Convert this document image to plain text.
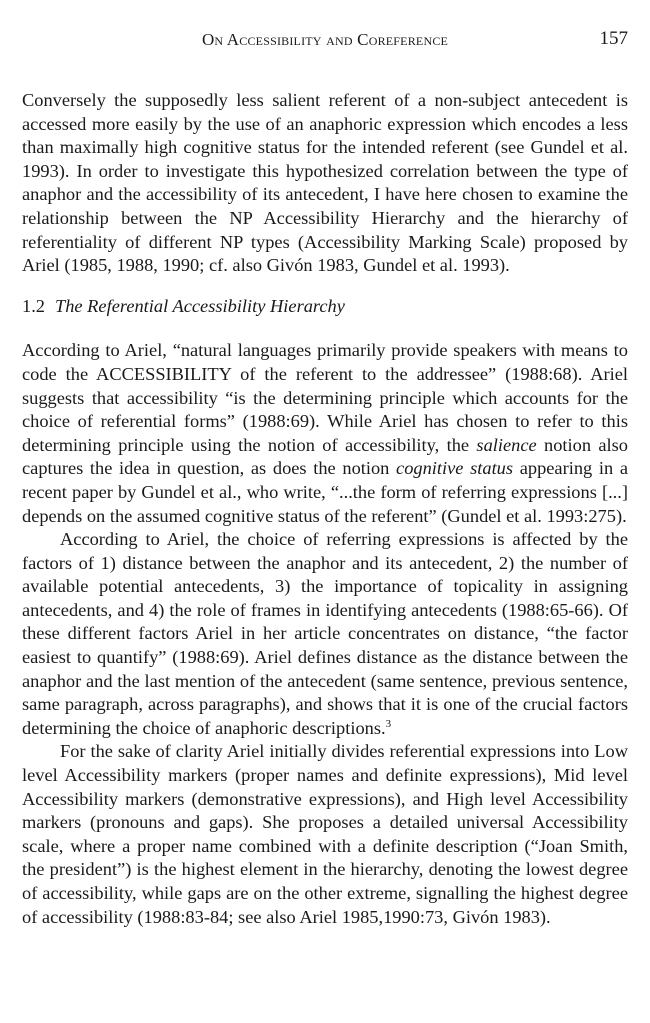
On Accessibility and Coreference	157

Conversely the supposedly less salient referent of a non-subject antecedent is accessed more easily by the use of an anaphoric expression which encodes a less than maximally high cognitive status for the intended referent (see Gundel et al. 1993). In order to investigate this hypothesized correlation between the type of anaphor and the accessibility of its antecedent, I have here chosen to examine the relationship between the NP Accessibility Hierarchy and the hierarchy of referentiality of different NP types (Accessibility Marking Scale) proposed by Ariel (1985, 1988, 1990; cf. also Givón 1983, Gundel et al. 1993).

1.2 The Referential Accessibility Hierarchy

According to Ariel, “natural languages primarily provide speakers with means to code the ACCESSIBILITY of the referent to the addressee” (1988:68). Ariel suggests that accessibility “is the determining principle which accounts for the choice of referential forms” (1988:69). While Ariel has chosen to refer to this determining principle using the notion of accessibility, the salience notion also captures the idea in question, as does the notion cognitive status appearing in a recent paper by Gundel et al., who write, “...the form of referring expressions [...] depends on the assumed cognitive status of the referent” (Gundel et al. 1993:275).

According to Ariel, the choice of referring expressions is affected by the factors of 1) distance between the anaphor and its antecedent, 2) the number of available potential antecedents, 3) the importance of topicality in assigning antecedents, and 4) the role of frames in identifying antecedents (1988:65-66). Of these different factors Ariel in her article concentrates on distance, “the factor easiest to quantify” (1988:69). Ariel defines distance as the distance between the anaphor and the last mention of the antecedent (same sentence, previous sentence, same paragraph, across paragraphs), and shows that it is one of the crucial factors determining the choice of anaphoric descriptions.$^3$

For the sake of clarity Ariel initially divides referential expressions into Low level Accessibility markers (proper names and definite expressions), Mid level Accessibility markers (demonstrative expressions), and High level Accessibility markers (pronouns and gaps). She proposes a detailed universal Accessibility scale, where a proper name combined with a definite description (“Joan Smith, the president”) is the highest element in the hierarchy, denoting the lowest degree of accessibility, while gaps are on the other extreme, signalling the highest degree of accessibility (1988:83-84; see also Ariel 1985,1990:73, Givón 1983).
